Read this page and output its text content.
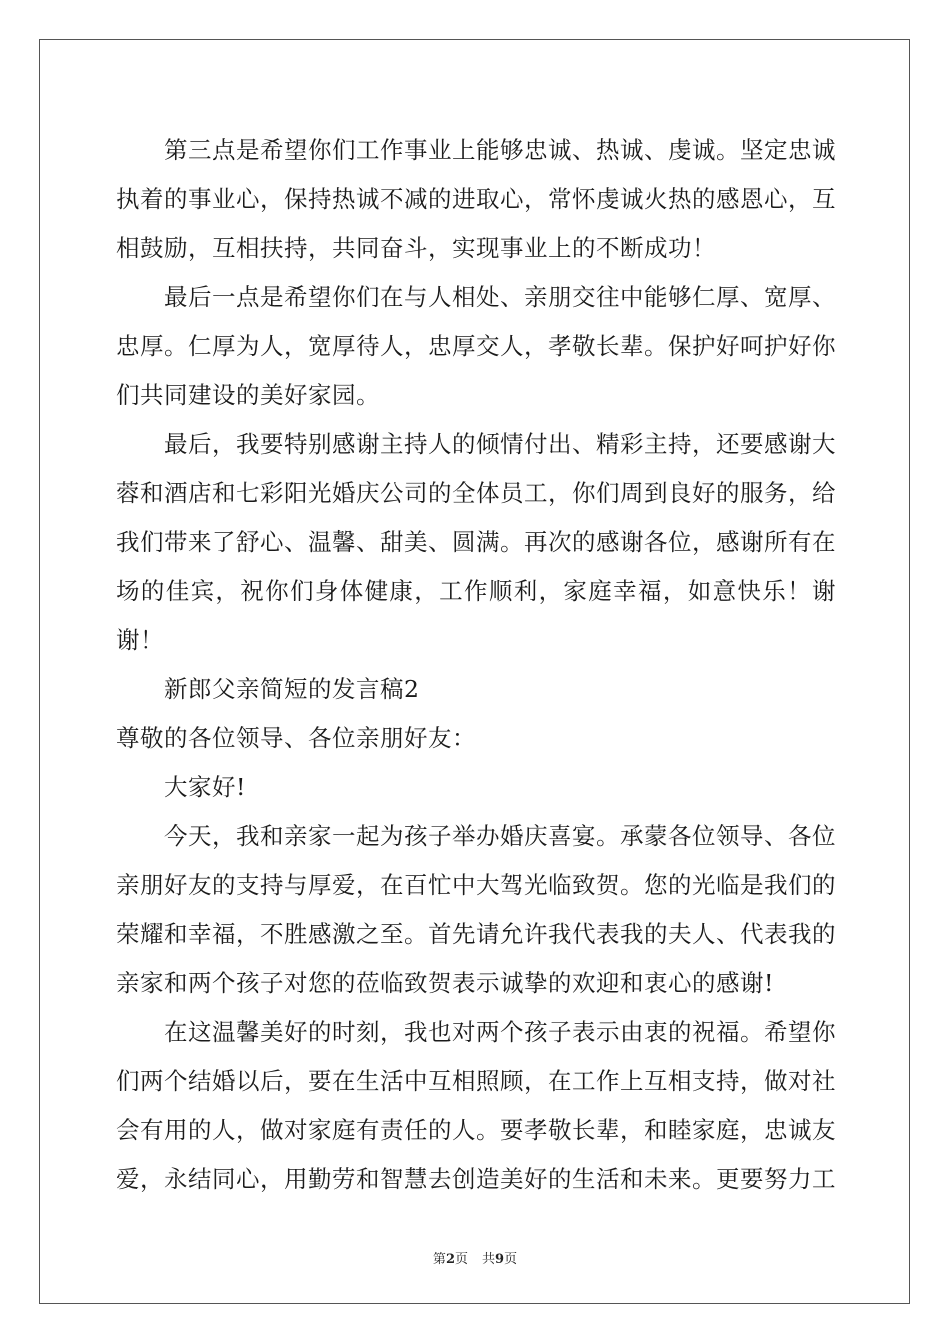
第三点是希望你们工作事业上能够忠诚、热诚、虔诚。坚定忠诚执着的事业心，保持热诚不减的进取心，常怀虔诚火热的感恩心，互相鼓励，互相扶持，共同奋斗，实现事业上的不断成功！

最后一点是希望你们在与人相处、亲朋交往中能够仁厚、宽厚、忠厚。仁厚为人，宽厚待人，忠厚交人，孝敬长辈。保护好呵护好你们共同建设的美好家园。

最后，我要特别感谢主持人的倾情付出、精彩主持，还要感谢大蓉和酒店和七彩阳光婚庆公司的全体员工，你们周到良好的服务，给我们带来了舒心、温馨、甜美、圆满。再次的感谢各位，感谢所有在场的佳宾，祝你们身体健康，工作顺利，家庭幸福，如意快乐！谢谢！

新郎父亲简短的发言稿2

尊敬的各位领导、各位亲朋好友：

大家好!

今天，我和亲家一起为孩子举办婚庆喜宴。承蒙各位领导、各位亲朋好友的支持与厚爱，在百忙中大驾光临致贺。您的光临是我们的荣耀和幸福，不胜感激之至。首先请允许我代表我的夫人、代表我的亲家和两个孩子对您的莅临致贺表示诚挚的欢迎和衷心的感谢!

在这温馨美好的时刻，我也对两个孩子表示由衷的祝福。希望你们两个结婚以后，要在生活中互相照顾，在工作上互相支持，做对社会有用的人，做对家庭有责任的人。要孝敬长辈，和睦家庭，忠诚友爱，永结同心，用勤劳和智慧去创造美好的生活和未来。更要努力工

第2页 共9页
